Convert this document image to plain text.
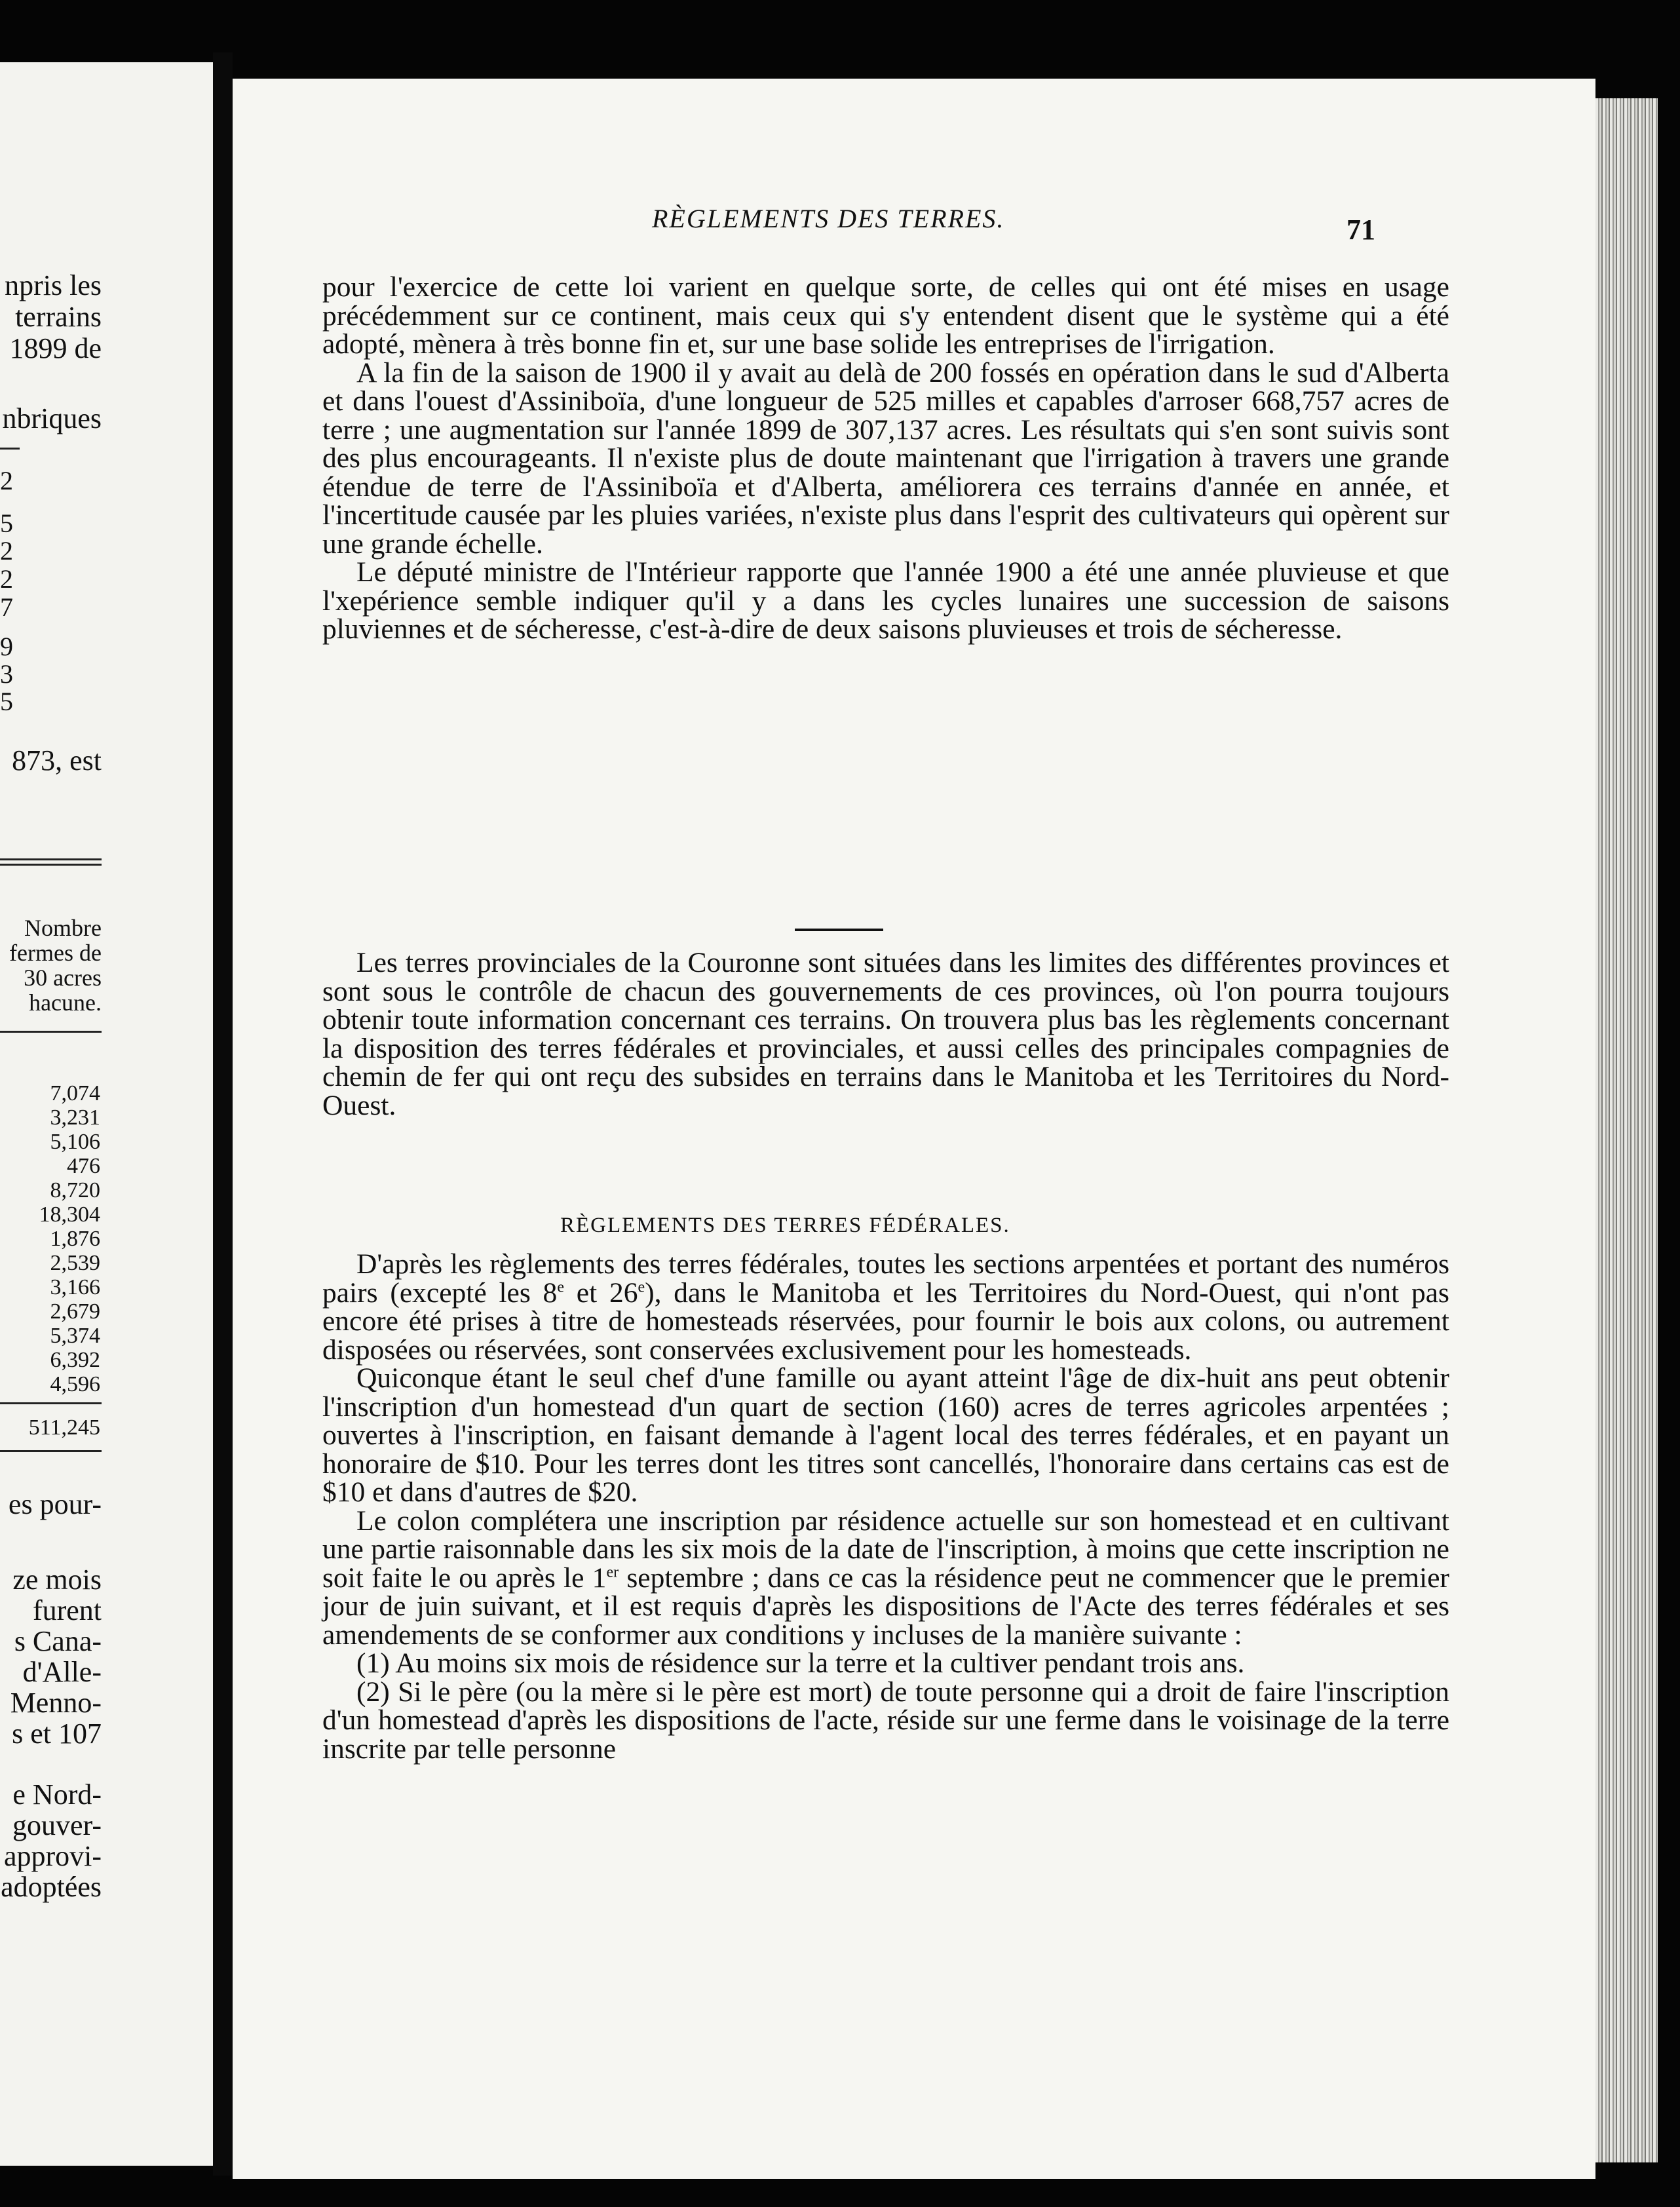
npris les
terrains
1899 de
nbriques
2
5
2
2
7
9
3
5
873, est
Nombre
fermes de
30 acres
hacune.
7,074
3,231
5,106
476
8,720
18,304
1,876
2,539
3,166
2,679
5,374
6,392
4,596
511,245
es pour-
ze mois
furent
s Cana-
d'Alle-
Menno-
s et 107
e Nord-
gouver-
approvi-
adoptées
RÈGLEMENTS DES TERRES.	71

pour l'exercice de cette loi varient en quelque sorte, de celles qui ont été mises en usage précédemment sur ce continent, mais ceux qui s'y entendent disent que le système qui a été adopté, mènera à très bonne fin et, sur une base solide les entreprises de l'irrigation.

A la fin de la saison de 1900 il y avait au delà de 200 fossés en opération dans le sud d'Alberta et dans l'ouest d'Assiniboïa, d'une longueur de 525 milles et capables d'arroser 668,757 acres de terre ; une augmentation sur l'année 1899 de 307,137 acres. Les résultats qui s'en sont suivis sont des plus encourageants. Il n'existe plus de doute maintenant que l'irrigation à travers une grande étendue de terre de l'Assiniboïa et d'Alberta, améliorera ces terrains d'année en année, et l'incertitude causée par les pluies variées, n'existe plus dans l'esprit des cultivateurs qui opèrent sur une grande échelle.

Le député ministre de l'Intérieur rapporte que l'année 1900 a été une année pluvieuse et que l'xepérience semble indiquer qu'il y a dans les cycles lunaires une succession de saisons pluviennes et de sécheresse, c'est-à-dire de deux saisons pluvieuses et trois de sécheresse.

Les terres provinciales de la Couronne sont situées dans les limites des différentes provinces et sont sous le contrôle de chacun des gouvernements de ces provinces, où l'on pourra toujours obtenir toute information concernant ces terrains. On trouvera plus bas les règlements concernant la disposition des terres fédérales et provinciales, et aussi celles des principales compagnies de chemin de fer qui ont reçu des subsides en terrains dans le Manitoba et les Territoires du Nord-Ouest.

RÈGLEMENTS DES TERRES FÉDÉRALES.

D'après les règlements des terres fédérales, toutes les sections arpentées et portant des numéros pairs (excepté les 8e et 26e), dans le Manitoba et les Territoires du Nord-Ouest, qui n'ont pas encore été prises à titre de homesteads réservées, pour fournir le bois aux colons, ou autrement disposées ou réservées, sont conservées exclusivement pour les homesteads.

Quiconque étant le seul chef d'une famille ou ayant atteint l'âge de dix-huit ans peut obtenir l'inscription d'un homestead d'un quart de section (160) acres de terres agricoles arpentées ; ouvertes à l'inscription, en faisant demande à l'agent local des terres fédérales, et en payant un honoraire de $10. Pour les terres dont les titres sont cancellés, l'honoraire dans certains cas est de $10 et dans d'autres de $20.

Le colon complétera une inscription par résidence actuelle sur son homestead et en cultivant une partie raisonnable dans les six mois de la date de l'inscription, à moins que cette inscription ne soit faite le ou après le 1er septembre ; dans ce cas la résidence peut ne commencer que le premier jour de juin suivant, et il est requis d'après les dispositions de l'Acte des terres fédérales et ses amendements de se conformer aux conditions y incluses de la manière suivante :

(1) Au moins six mois de résidence sur la terre et la cultiver pendant trois ans.

(2) Si le père (ou la mère si le père est mort) de toute personne qui a droit de faire l'inscription d'un homestead d'après les dispositions de l'acte, réside sur une ferme dans le voisinage de la terre inscrite par telle personne
